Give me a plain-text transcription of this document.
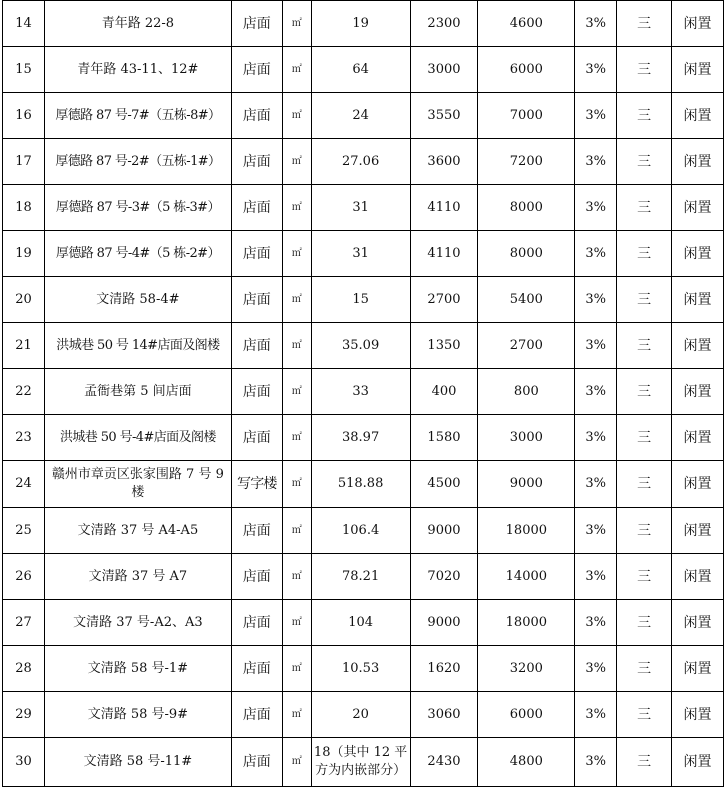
14	青年路 22-8	店面	㎡	19	2300	4600	3%	三	闲置
15	青年路 43-11、12#	店面	㎡	64	3000	6000	3%	三	闲置
16	厚德路 87 号-7#（五栋-8#）	店面	㎡	24	3550	7000	3%	三	闲置
17	厚德路 87 号-2#（五栋-1#）	店面	㎡	27.06	3600	7200	3%	三	闲置
18	厚德路 87 号-3#（5 栋-3#）	店面	㎡	31	4110	8000	3%	三	闲置
19	厚德路 87 号-4#（5 栋-2#）	店面	㎡	31	4110	8000	3%	三	闲置
20	文清路 58-4#	店面	㎡	15	2700	5400	3%	三	闲置
21	洪城巷 50 号 14#店面及阁楼	店面	㎡	35.09	1350	2700	3%	三	闲置
22	孟衙巷第 5 间店面	店面	㎡	33	400	800	3%	三	闲置
23	洪城巷 50 号-4#店面及阁楼	店面	㎡	38.97	1580	3000	3%	三	闲置
24	赣州市章贡区张家围路 7 号 9 楼	写字楼	㎡	518.88	4500	9000	3%	三	闲置
25	文清路 37 号 A4-A5	店面	㎡	106.4	9000	18000	3%	三	闲置
26	文清路 37 号 A7	店面	㎡	78.21	7020	14000	3%	三	闲置
27	文清路 37 号-A2、A3	店面	㎡	104	9000	18000	3%	三	闲置
28	文清路 58 号-1#	店面	㎡	10.53	1620	3200	3%	三	闲置
29	文清路 58 号-9#	店面	㎡	20	3060	6000	3%	三	闲置
30	文清路 58 号-11#	店面	㎡	18（其中 12 平方为内嵌部分）	2430	4800	3%	三	闲置
